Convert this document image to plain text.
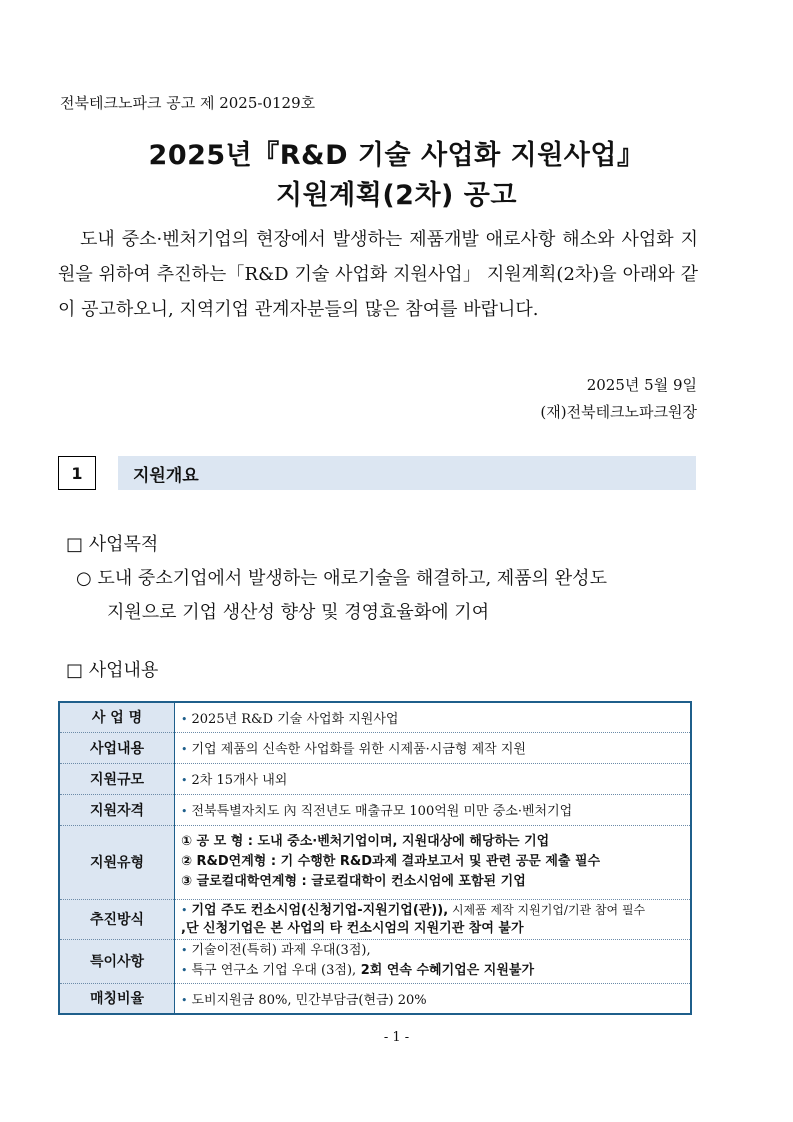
전북테크노파크 공고 제 2025-0129호
2025년『R&D 기술 사업화 지원사업』
지원계획(2차) 공고
도내 중소·벤처기업의 현장에서 발생하는 제품개발 애로사항 해소와 사업화 지원을 위하여 추진하는「R&D 기술 사업화 지원사업」 지원계획(2차)을 아래와 같이 공고하오니, 지역기업 관계자분들의 많은 참여를 바랍니다.
2025년 5월 9일
(재)전북테크노파크원장
1	지원개요
□ 사업목적
○ 도내 중소기업에서 발생하는 애로기술을 해결하고, 제품의 완성도
지원으로 기업 생산성 향상 및 경영효율화에 기여
□ 사업내용
사 업 명	• 2025년 R&D 기술 사업화 지원사업
사업내용	• 기업 제품의 신속한 사업화를 위한 시제품·시금형 제작 지원
지원규모	• 2차 15개사 내외
지원자격	• 전북특별자치도 內 직전년도 매출규모 100억원 미만 중소·벤처기업
지원유형	① 공 모 형 : 도내 중소·벤처기업이며, 지원대상에 해당하는 기업
② R&D연계형 : 기 수행한 R&D과제 결과보고서 및 관련 공문 제출 필수
③ 글로컬대학연계형 : 글로컬대학이 컨소시엄에 포함된 기업

추진방식	• 기업 주도 컨소시엄(신청기업-지원기업(관)), 시제품 제작 지원기업/기관 참여 필수
,단 신청기업은 본 사업의 타 컨소시엄의 지원기관 참여 불가

특이사항	• 기술이전(특허) 과제 우대(3점),
• 특구 연구소 기업 우대 (3점), 2회 연속 수혜기업은 지원불가

매칭비율	• 도비지원금 80%, 민간부담금(현금) 20%
- 1 -
